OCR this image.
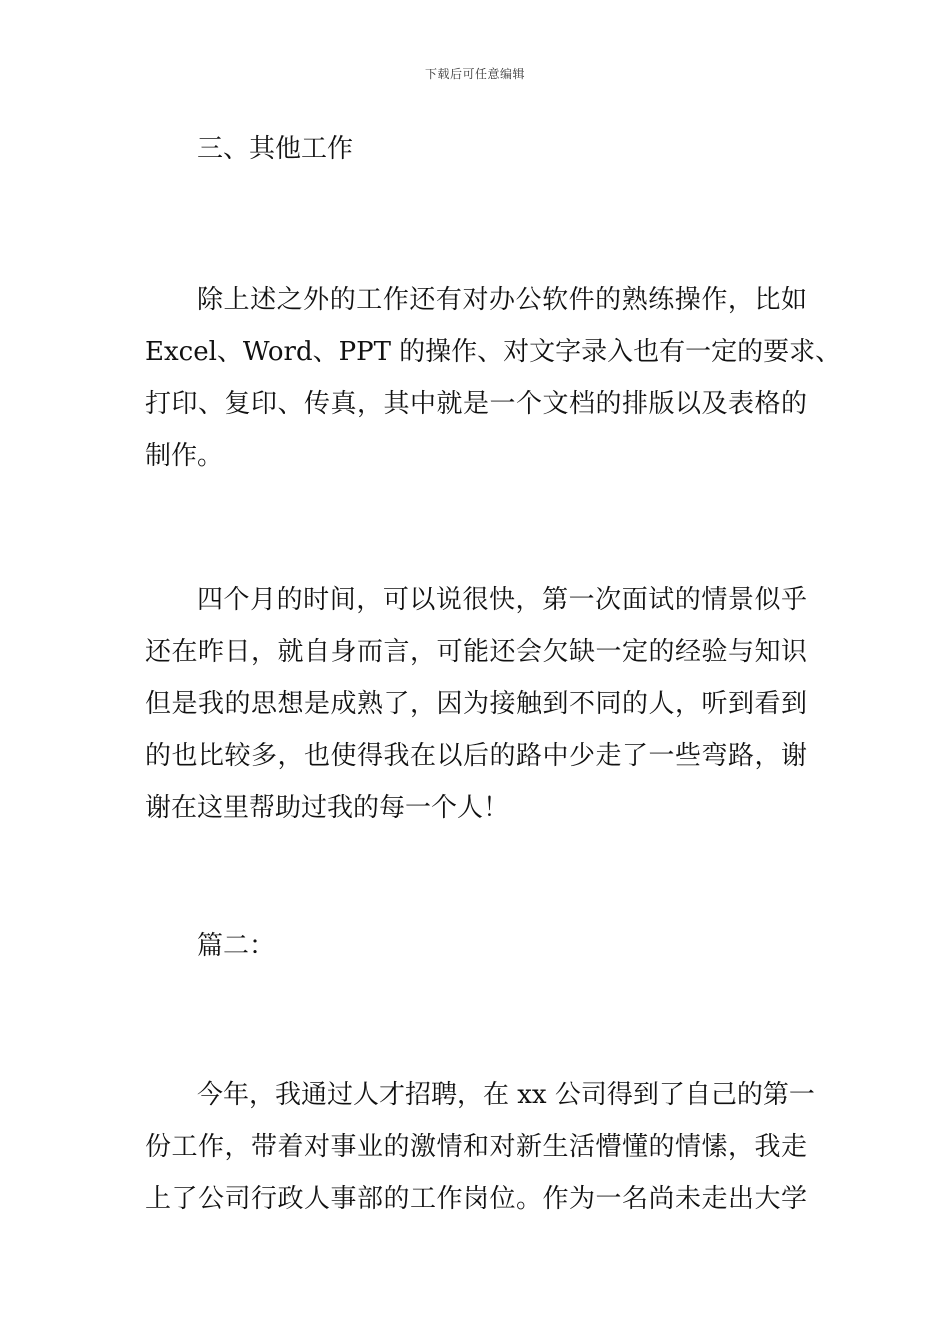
下载后可任意编辑
三、其他工作
除上述之外的工作还有对办公软件的熟练操作，比如
Excel、Word、PPT 的操作、对文字录入也有一定的要求、
打印、复印、传真，其中就是一个文档的排版以及表格的
制作。
四个月的时间，可以说很快，第一次面试的情景似乎
还在昨日，就自身而言，可能还会欠缺一定的经验与知识
但是我的思想是成熟了，因为接触到不同的人，听到看到
的也比较多，也使得我在以后的路中少走了一些弯路，谢
谢在这里帮助过我的每一个人！
篇二：
今年，我通过人才招聘，在 xx 公司得到了自己的第一
份工作，带着对事业的激情和对新生活懵懂的情愫，我走
上了公司行政人事部的工作岗位。作为一名尚未走出大学
